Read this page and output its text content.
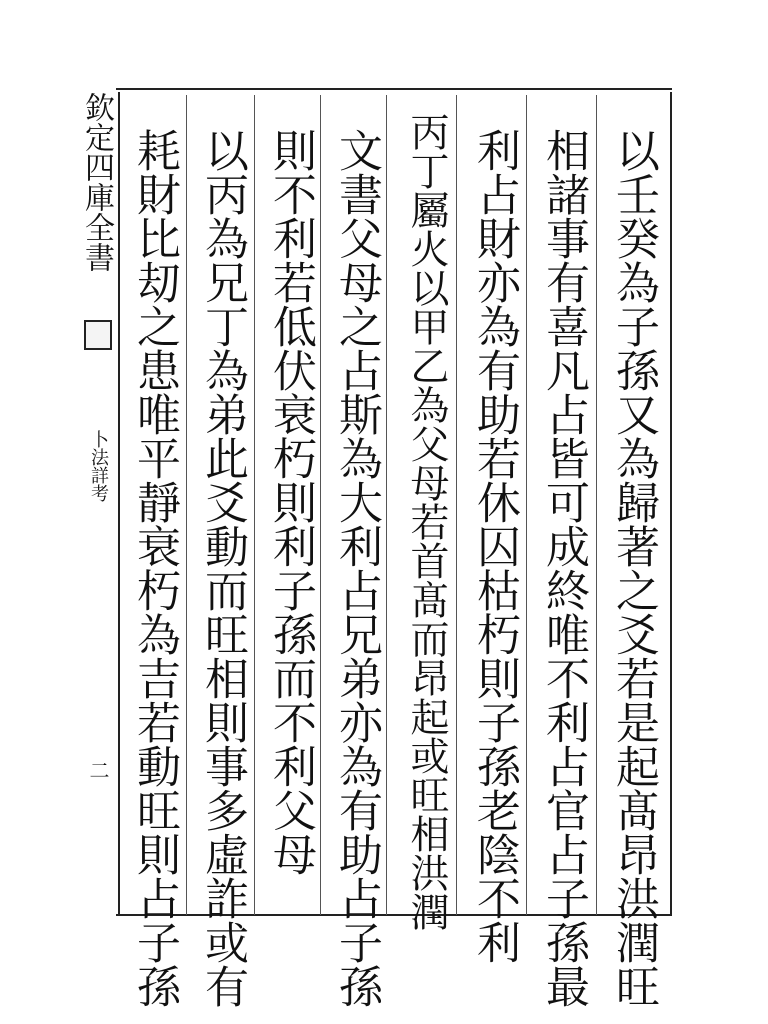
欽定四庫全書
卜法詳考
二	以壬癸為子孫又為歸著之爻若是起髙昂洪潤旺
相諸事有喜凡占皆可成終唯不利占官占子孫最
利占財亦為有助若休囚枯朽則子孫老陰不利
丙丁屬火以甲乙為父母若首髙而昂起或旺相洪潤
文書父母之占斯為大利占兄弟亦為有助占子孫
則不利若低伏衰朽則利子孫而不利父母
以丙為兄丁為弟此爻動而旺相則事多虛詐或有
耗財比刧之患唯平靜衰朽為吉若動旺則占子孫
